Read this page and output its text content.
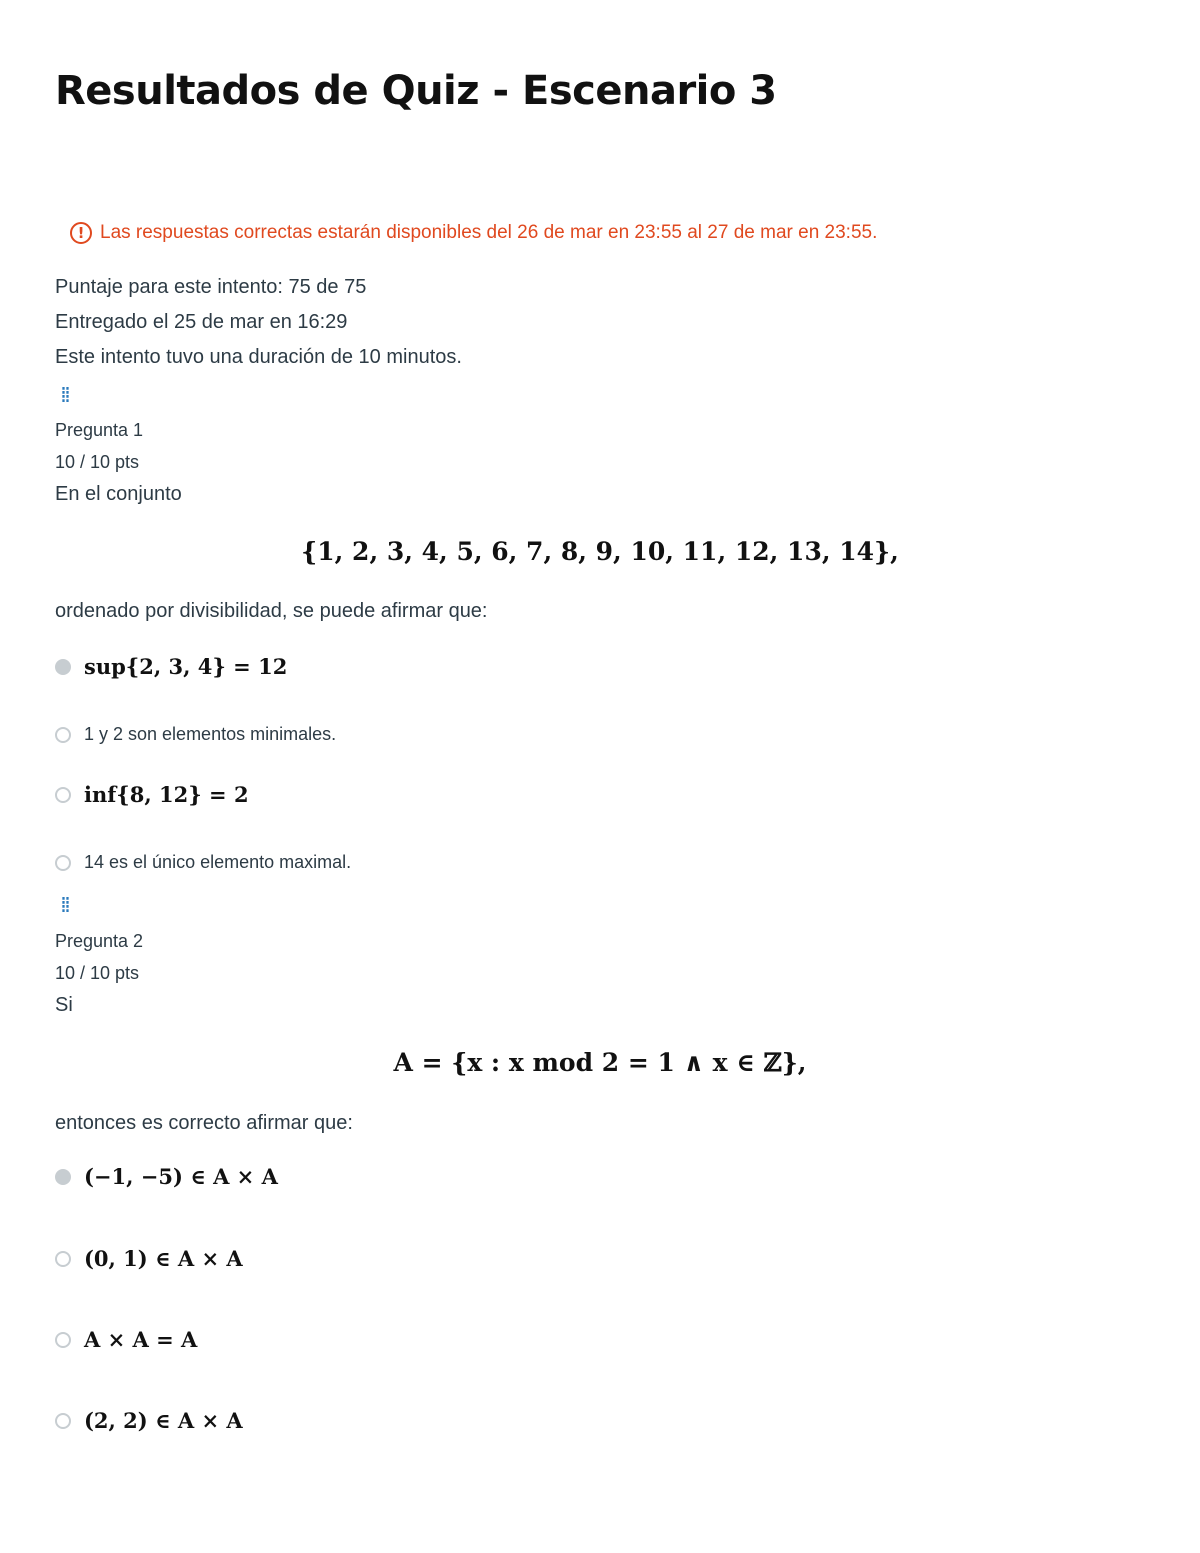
Resultados de Quiz - Escenario 3
! Las respuestas correctas estarán disponibles del 26 de mar en 23:55 al 27 de mar en 23:55.
Puntaje para este intento: 75 de 75
Entregado el 25 de mar en 16:29
Este intento tuvo una duración de 10 minutos.
⁞⁞
Pregunta 1
10 / 10 pts
En el conjunto
{1, 2, 3, 4, 5, 6, 7, 8, 9, 10, 11, 12, 13, 14},
ordenado por divisibilidad, se puede afirmar que:
sup{2, 3, 4} = 12
1 y 2 son elementos minimales.
inf{8, 12} = 2
14 es el único elemento maximal.
⁞⁞
Pregunta 2
10 / 10 pts
Si
A = {x : x mod 2 = 1 ∧ x ∈ ℤ},
entonces es correcto afirmar que:
(−1, −5) ∈ A × A
(0, 1) ∈ A × A
A × A = A
(2, 2) ∈ A × A
